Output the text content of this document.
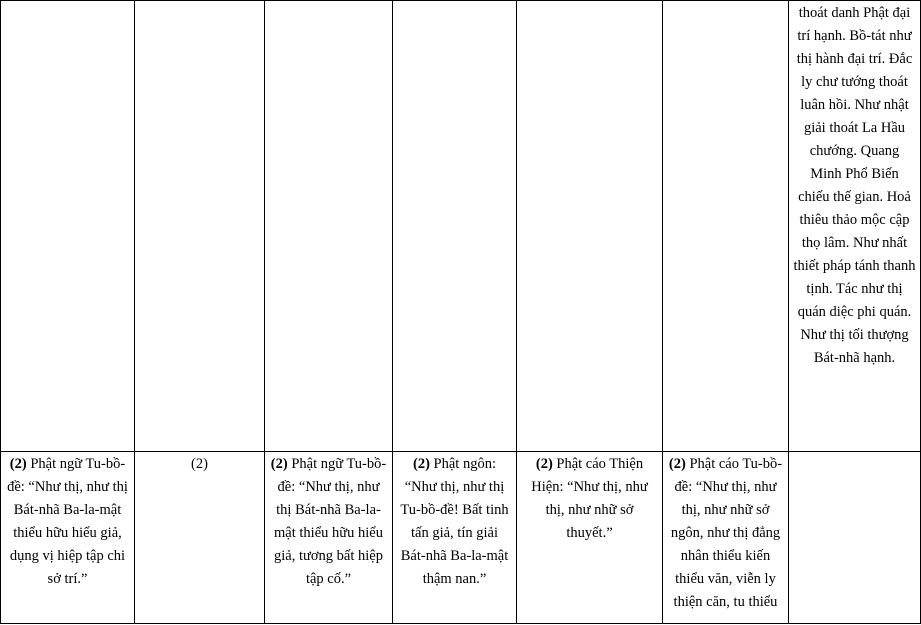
						thoát danh Phật đại trí hạnh. Bồ-tát như thị hành đại trí. Đắc ly chư tướng thoát luân hồi. Như nhật giải thoát La Hầu chướng. Quang Minh Phổ Biến chiếu thế gian. Hoả thiêu thảo mộc cập thọ lâm. Như nhất thiết pháp tánh thanh tịnh. Tác như thị quán diệc phi quán. Như thị tối thượng Bát-nhã hạnh.

(2) Phật ngữ Tu-bồ-đề: “Như thị, như thị Bát-nhã Ba-la-mật thiểu hữu hiểu giả, dụng vị hiệp tập chi sở trí.”	(2)	(2) Phật ngữ Tu-bồ-đề: “Như thị, như thị Bát-nhã Ba-la-mật thiểu hữu hiểu giả, tương bất hiệp tập cố.”	(2) Phật ngôn: “Như thị, như thị Tu-bồ-đề! Bất tinh tấn giả, tín giải Bát-nhã Ba-la-mật thậm nan.”	(2) Phật cáo Thiện Hiện: “Như thị, như thị, như nhữ sở thuyết.”	(2) Phật cáo Tu-bồ-đề: “Như thị, như thị, như nhữ sở ngôn, như thị đẳng nhân thiểu kiến thiểu văn, viễn ly thiện căn, tu thiểu	
